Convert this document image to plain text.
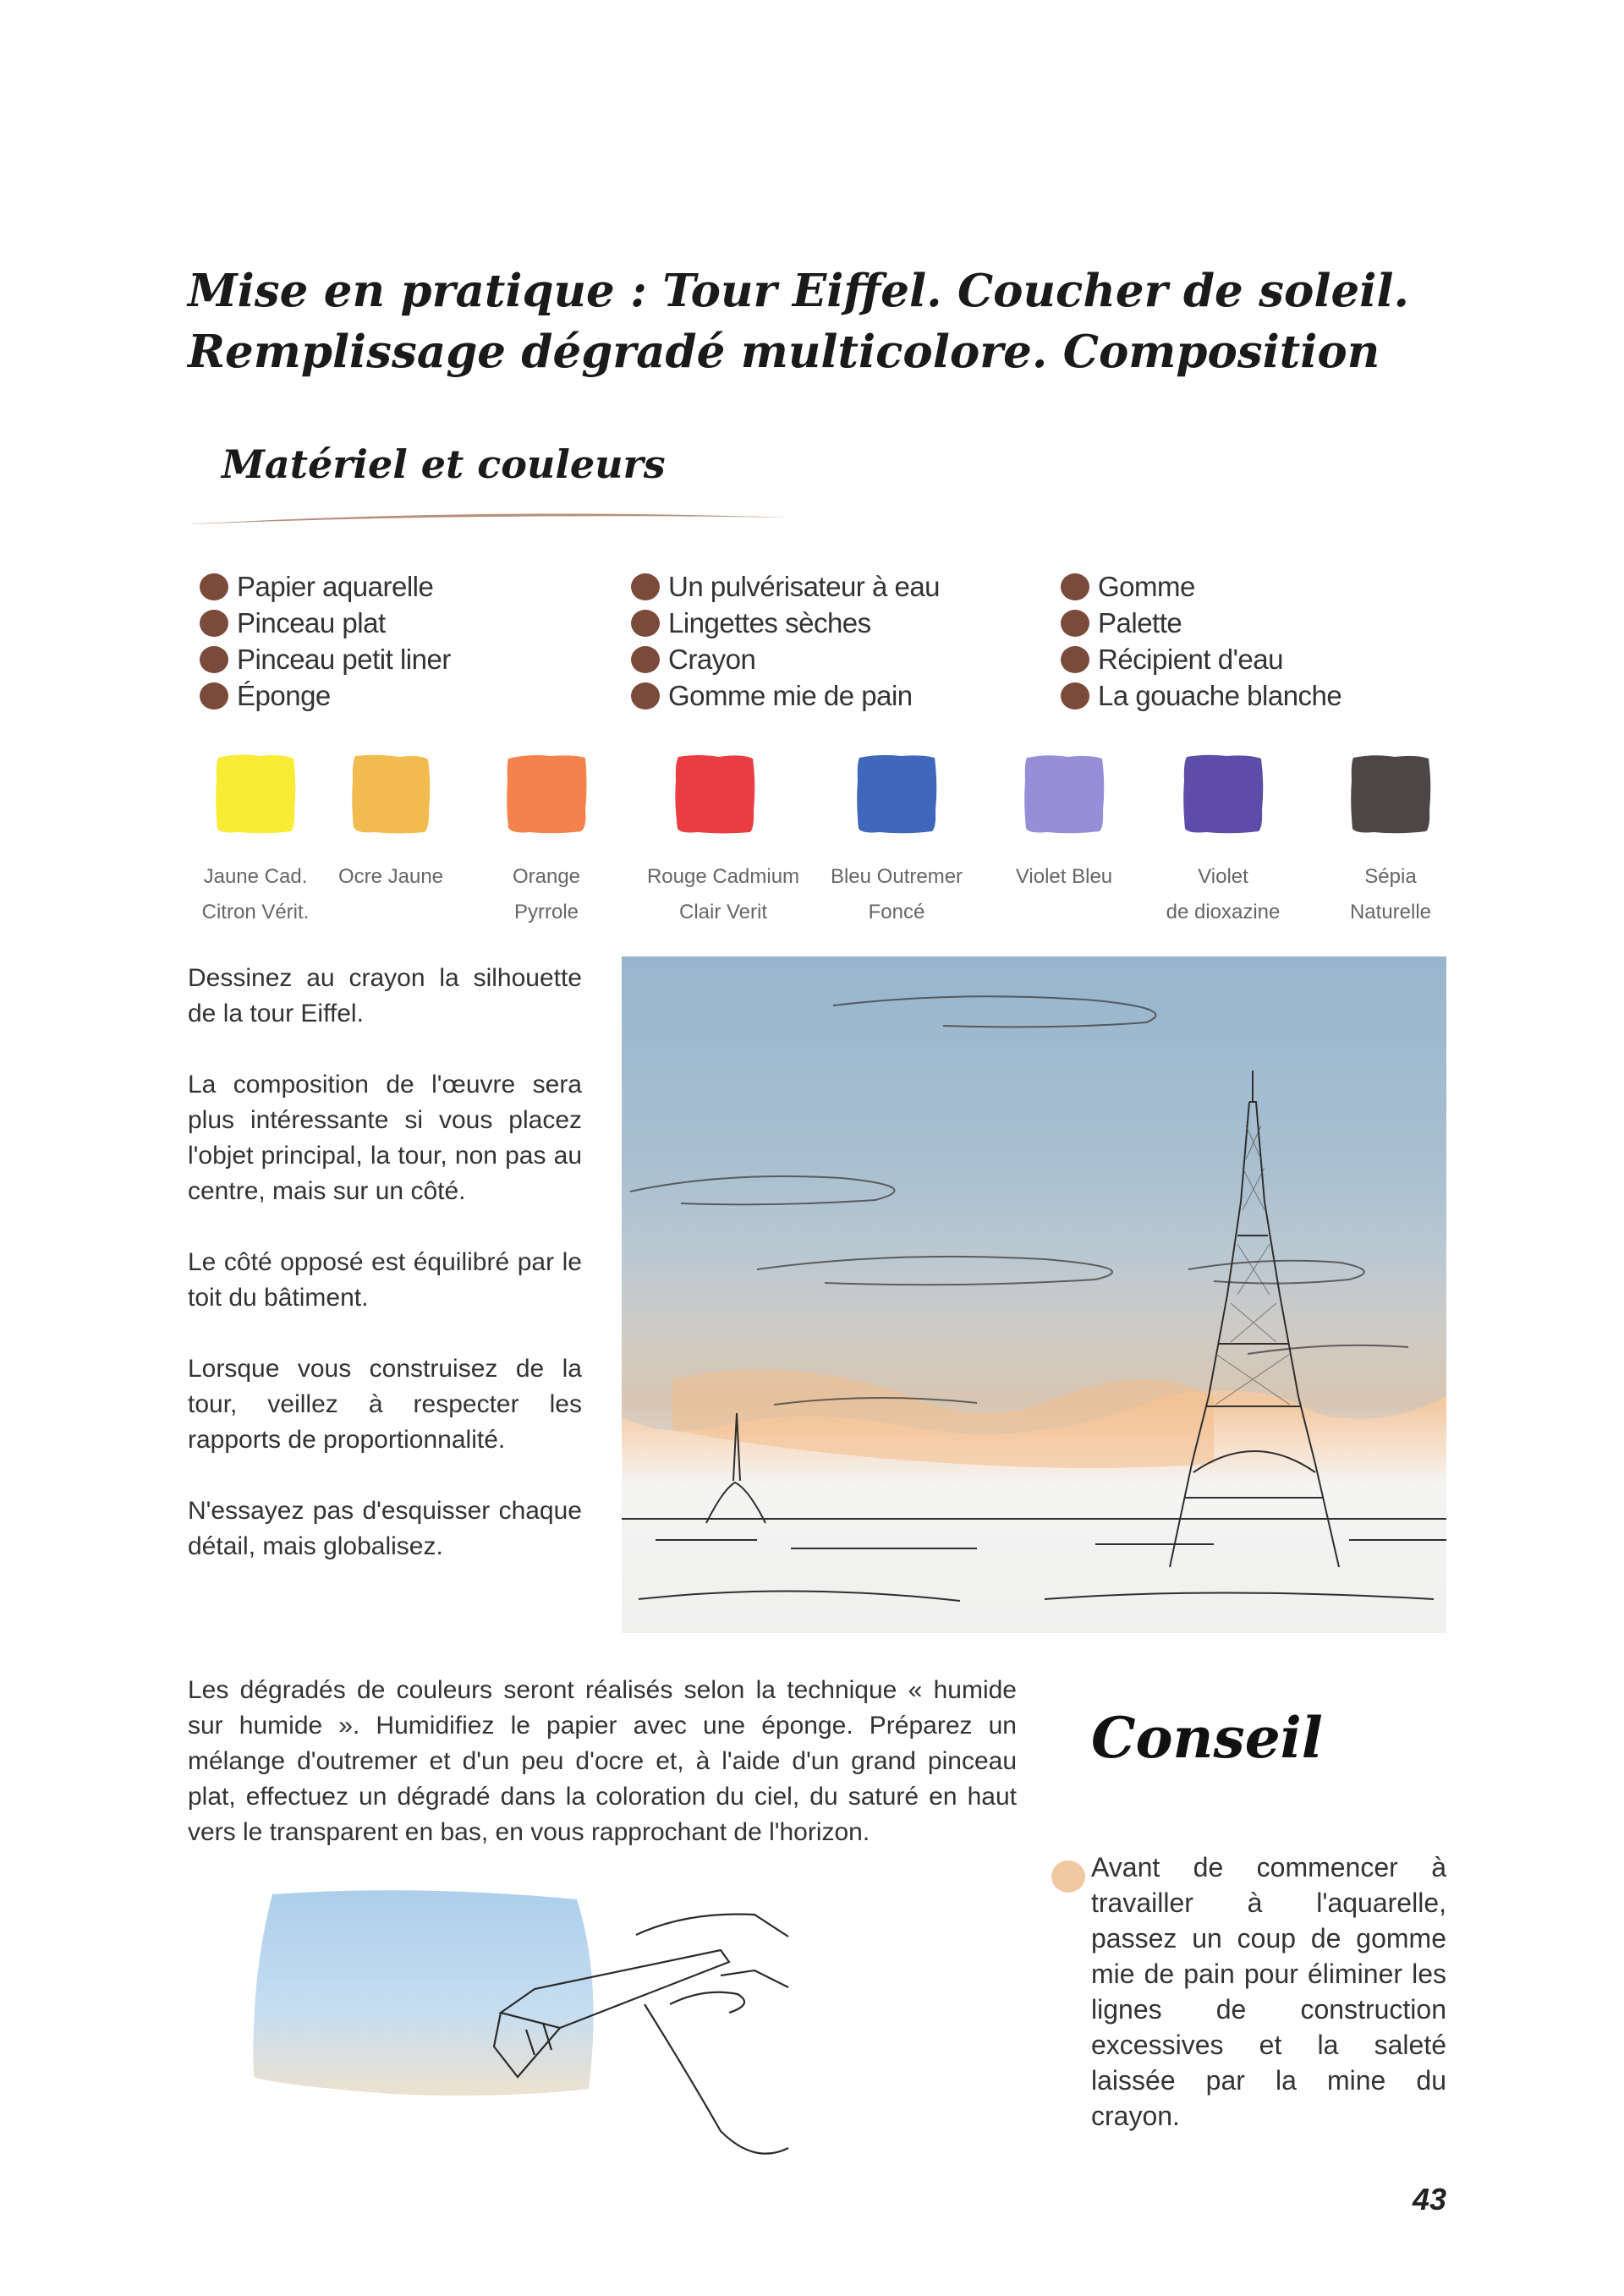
Mise en pratique : Tour Eiffel. Coucher de soleil. Remplissage dégradé multicolore. Composition
Matériel et couleurs
Papier aquarelle
Pinceau plat
Pinceau petit liner
Éponge
Un pulvérisateur à eau
Lingettes sèches
Crayon
Gomme mie de pain
Gomme
Palette
Récipient d'eau
La gouache blanche
Jaune Cad.
Citron Vérit.
Ocre Jaune	Orange
Pyrrole
Rouge Cadmium
Clair Verit
Bleu Outremer
Foncé
Violet Bleu	Violet
de dioxazine
Sépia
Naturelle

Dessinez au crayon la silhouette de la tour Eiffel.

La composition de l'œuvre sera plus intéressante si vous placez l'objet principal, la tour, non pas au centre, mais sur un côté.

Le côté opposé est équilibré par le toit du bâtiment.

Lorsque vous construisez de la tour, veillez à respecter les rapports de proportionnalité.

N'essayez pas d'esquisser chaque détail, mais globalisez.

Les dégradés de couleurs seront réalisés selon la technique « humide sur humide ». Humidifiez le papier avec une éponge. Préparez un mélange d'outremer et d'un peu d'ocre et, à l'aide d'un grand pinceau plat, effectuez un dégradé dans la coloration du ciel, du saturé en haut vers le transparent en bas, en vous rapprochant de l'horizon.

Conseil

Avant de commencer à travailler à l'aquarelle, passez un coup de gomme mie de pain pour éliminer les lignes de construction excessives et la saleté laissée par la mine du crayon.

43
